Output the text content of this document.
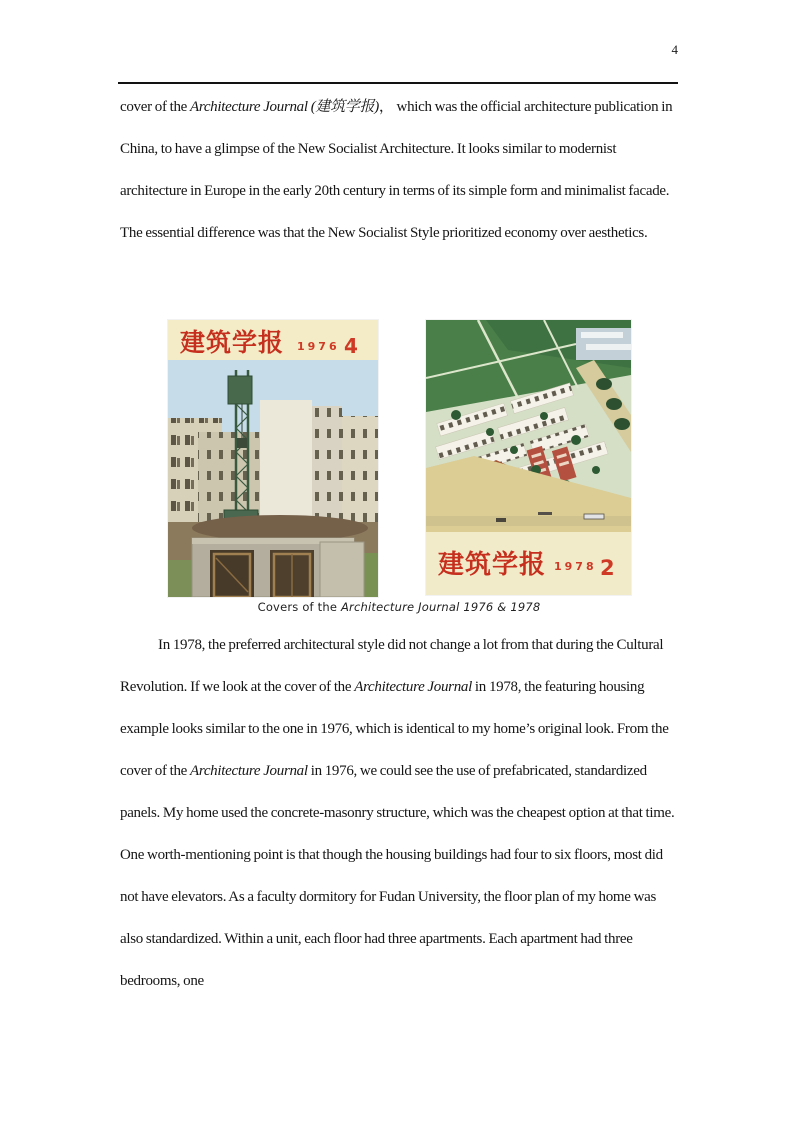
4
cover of the Architecture Journal (建筑学报)， which was the official architecture publication in China, to have a glimpse of the New Socialist Architecture. It looks similar to modernist architecture in Europe in the early 20th century in terms of its simple form and minimalist facade. The essential difference was that the New Socialist Style prioritized economy over aesthetics.
建筑学报 1976 4
建筑学报 1978 2
Covers of the Architecture Journal 1976 & 1978
In 1978, the preferred architectural style did not change a lot from that during the Cultural Revolution. If we look at the cover of the Architecture Journal in 1978, the featuring housing example looks similar to the one in 1976, which is identical to my home’s original look. From the cover of the Architecture Journal in 1976, we could see the use of prefabricated, standardized panels. My home used the concrete-masonry structure, which was the cheapest option at that time. One worth-mentioning point is that though the housing buildings had four to six floors, most did not have elevators. As a faculty dormitory for Fudan University, the floor plan of my home was also standardized. Within a unit, each floor had three apartments. Each apartment had three bedrooms, one
